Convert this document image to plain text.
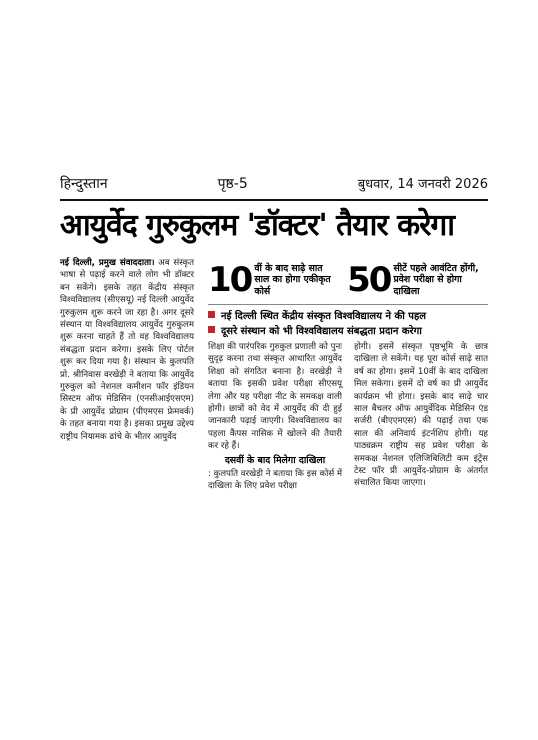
हिन्दुस्तान	पृष्ठ-5	बुधवार, 14 जनवरी 2026
आयुर्वेद गुरुकुलम 'डॉक्टर' तैयार करेगा

नई दिल्ली, प्रमुख संवाददाता। अब संस्कृत भाषा से पढ़ाई करने वाले लोग भी डॉक्टर बन सकेंगे। इसके तहत केंद्रीय संस्कृत विश्वविद्यालय (सीएसयू) नई दिल्ली आयुर्वेद गुरुकुलम शुरू करने जा रहा है। अगर दूसरे संस्थान या विश्वविद्यालय आयुर्वेद गुरुकुलम शुरू करना चाहते हैं तो वह विश्वविद्यालय संबद्धता प्रदान करेगा। इसके लिए पोर्टल शुरू कर दिया गया है। संस्थान के कुलपति प्रो. श्रीनिवास वरखेड़ी ने बताया कि आयुर्वेद गुरुकुल को नेशनल कमीशन फॉर इंडियन सिस्टम ऑफ मेडिसिन (एनसीआईएसएम) के प्री आयुर्वेद प्रोग्राम (पीएमएस फ्रेमवर्क) के तहत बनाया गया है। इसका प्रमुख उद्देश्य राष्ट्रीय नियामक ढांचे के भीतर आयुर्वेद

10 वीं के बाद साढ़े सात साल का होगा एकीकृत कोर्स	50 सीटें पहले आवंटित होंगी, प्रवेश परीक्षा से होगा दाखिला
नई दिल्ली स्थित केंद्रीय संस्कृत विश्वविद्यालय ने की पहल
दूसरे संस्थान को भी विश्वविद्यालय संबद्धता प्रदान करेगा

शिक्षा की पारंपरिक गुरुकुल प्रणाली को पुनः सुदृढ़ करना तथा संस्कृत आधारित आयुर्वेद शिक्षा को संगठित बनाना है। वरखेड़ी ने बताया कि इसकी प्रवेश परीक्षा सीएसयू लेगा और यह परीक्षा नीट के समकक्ष वाली होगी। छात्रों को वेद में आयुर्वेद की दी हुई जानकारी पढ़ाई जाएगी। विश्वविद्यालय का पहला कैंपस नासिक में खोलने की तैयारी कर रहे हैं।

दसवीं के बाद मिलेगा दाखिला

: कुलपति वरखेड़ी ने बताया कि इस कोर्स में दाखिला के लिए प्रवेश परीक्षा

होगी। इसमें संस्कृत पृष्ठभूमि के छात्र दाखिला ले सकेंगे। यह पूरा कोर्स साढ़े सात वर्ष का होगा। इसमें 10वीं के बाद दाखिला मिल सकेगा। इसमें दो वर्ष का प्री आयुर्वेद कार्यक्रम भी होगा। इसके बाद साढ़े चार साल बैचलर ऑफ आयुर्वेदिक मेडिसिन एंड सर्जरी (बीएएमएस) की पढ़ाई तथा एक साल की अनिवार्य इंटर्नशिप होगी। यह पाठ्यक्रम राष्ट्रीय सह प्रवेश परीक्षा के समकक्ष नेशनल एलिजिबिलिटी कम इंट्रेंस टेस्ट फॉर प्री आयुर्वेद-प्रोग्राम के अंतर्गत संचालित किया जाएगा।
